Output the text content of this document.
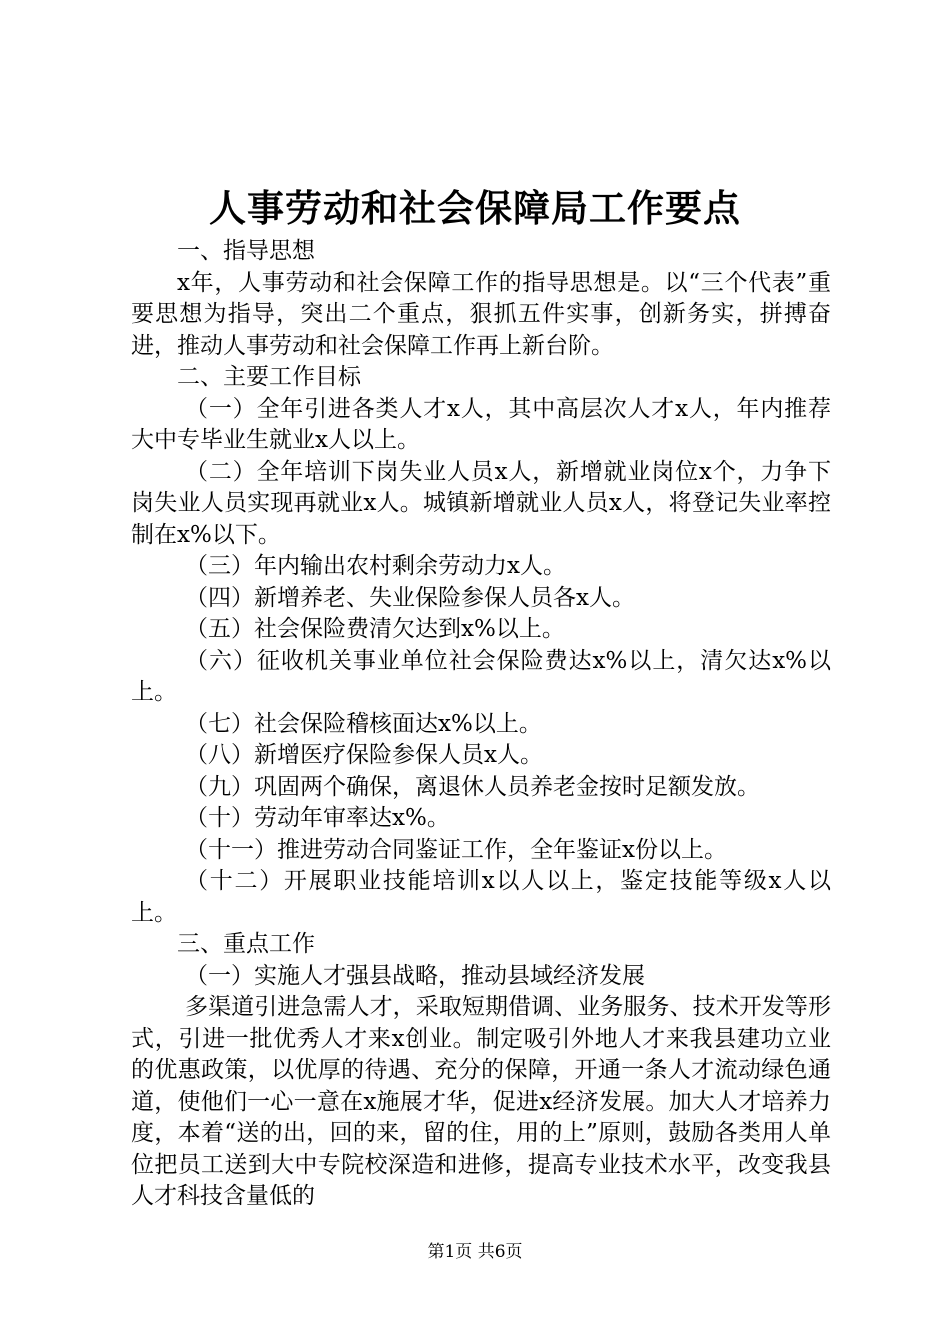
人事劳动和社会保障局工作要点

一、指导思想

x年，人事劳动和社会保障工作的指导思想是。以“三个代表”重要思想为指导，突出二个重点，狠抓五件实事，创新务实，拼搏奋进，推动人事劳动和社会保障工作再上新台阶。

二、主要工作目标

（一）全年引进各类人才x人，其中高层次人才x人，年内推荐大中专毕业生就业x人以上。

（二）全年培训下岗失业人员x人，新增就业岗位x个，力争下岗失业人员实现再就业x人。城镇新增就业人员x人，将登记失业率控制在x%以下。

（三）年内输出农村剩余劳动力x人。

（四）新增养老、失业保险参保人员各x人。

（五）社会保险费清欠达到x%以上。

（六）征收机关事业单位社会保险费达x%以上，清欠达x%以上。

（七）社会保险稽核面达x%以上。

（八）新增医疗保险参保人员x人。

（九）巩固两个确保，离退休人员养老金按时足额发放。

（十）劳动年审率达x%。

（十一）推进劳动合同鉴证工作，全年鉴证x份以上。

（十二）开展职业技能培训x以人以上，鉴定技能等级x人以上。

三、重点工作

（一）实施人才强县战略，推动县域经济发展

多渠道引进急需人才，采取短期借调、业务服务、技术开发等形式，引进一批优秀人才来x创业。制定吸引外地人才来我县建功立业的优惠政策，以优厚的待遇、充分的保障，开通一条人才流动绿色通道，使他们一心一意在x施展才华，促进x经济发展。加大人才培养力度，本着“送的出，回的来，留的住，用的上”原则，鼓励各类用人单位把员工送到大中专院校深造和进修，提高专业技术水平，改变我县人才科技含量低的

第1页 共6页
